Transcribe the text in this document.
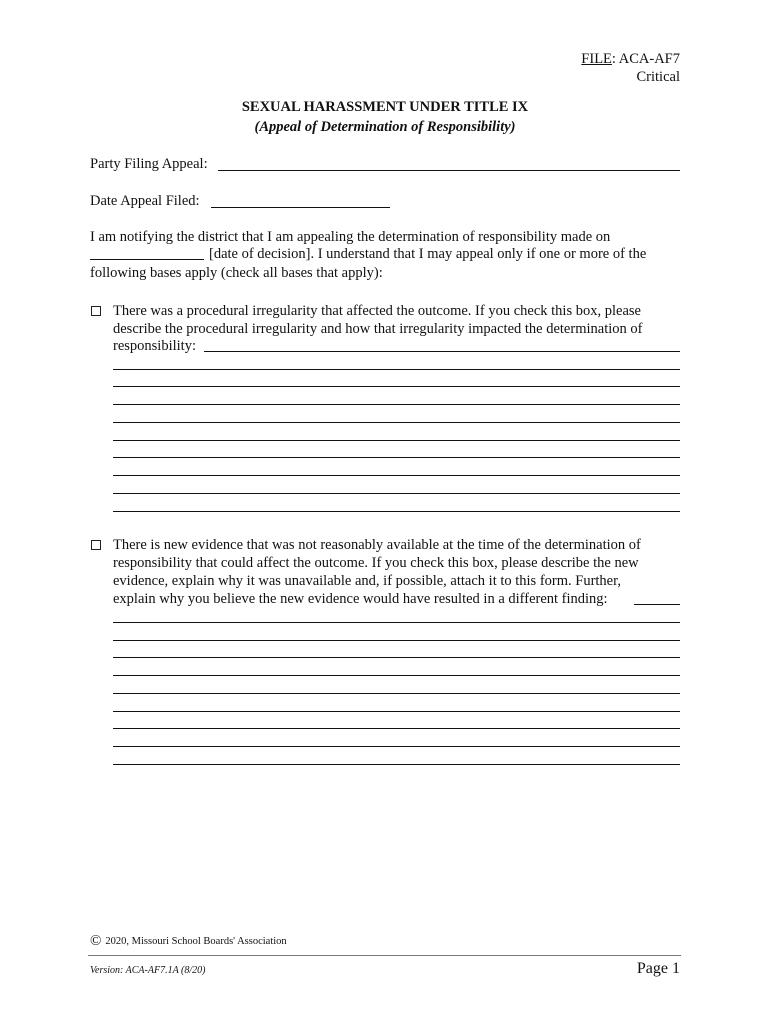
FILE: ACA-AF7
Critical
SEXUAL HARASSMENT UNDER TITLE IX
(Appeal of Determination of Responsibility)
Party Filing Appeal:
Date Appeal Filed:
I am notifying the district that I am appealing the determination of responsibility made on
[date of decision]. I understand that I may appeal only if one or more of the
following bases apply (check all bases that apply):
There was a procedural irregularity that affected the outcome. If you check this box, please
describe the procedural irregularity and how that irregularity impacted the determination of
responsibility:
There is new evidence that was not reasonably available at the time of the determination of
responsibility that could affect the outcome. If you check this box, please describe the new
evidence, explain why it was unavailable and, if possible, attach it to this form. Further,
explain why you believe the new evidence would have resulted in a different finding:
© 2020, Missouri School Boards' Association
Version: ACA-AF7.1A (8/20)	Page 1
